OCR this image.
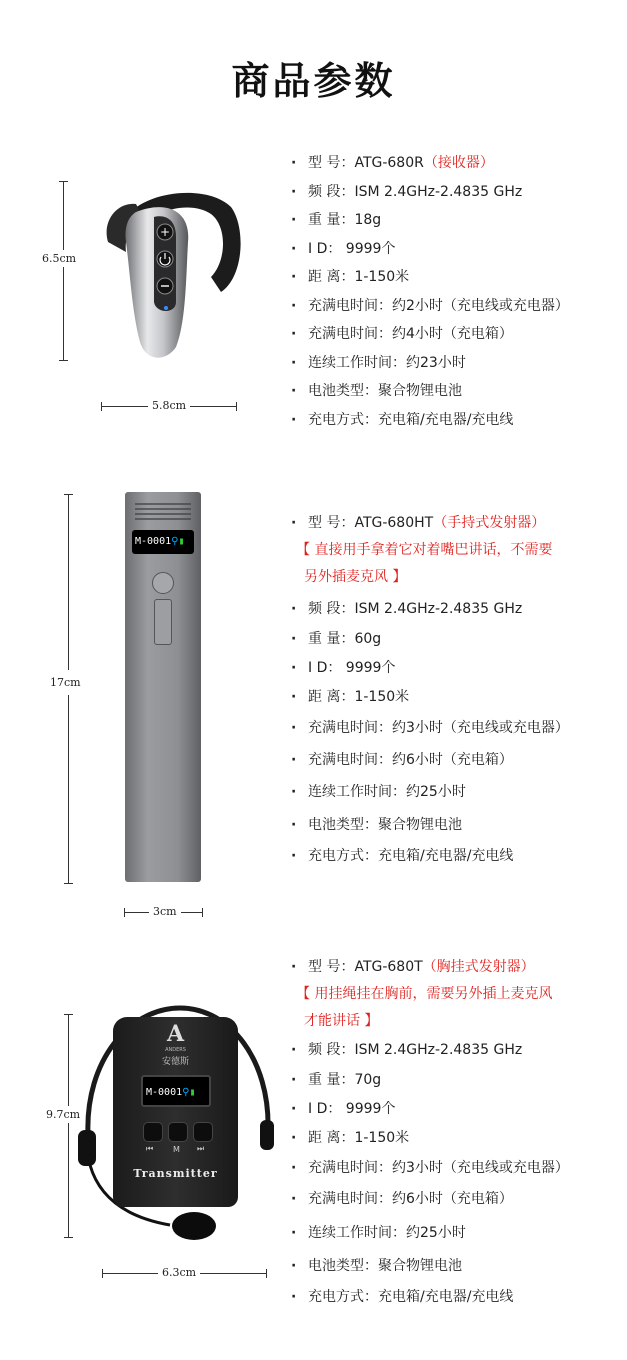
商品参数
6.5cm
5.8cm
+
· 型 号：ATG-680R（接收器）
· 频 段：ISM 2.4GHz-2.4835 GHz
· 重 量：18g
· I D： 9999个
· 距 离：1-150米
· 充满电时间：约2小时（充电线或充电器）
· 充满电时间：约4小时（充电箱）
· 连续工作时间：约23小时
· 电池类型：聚合物锂电池
· 充电方式：充电箱/充电器/充电线
17cm
3cm
M-0001⚲▮
· 型 号：ATG-680HT（手持式发射器）
【 直接用手拿着它对着嘴巴讲话，不需要
另外插麦克风 】
· 频 段：ISM 2.4GHz-2.4835 GHz
· 重 量：60g
· I D： 9999个
· 距 离：1-150米
· 充满电时间：约3小时（充电线或充电器）
· 充满电时间：约6小时（充电箱）
· 连续工作时间：约25小时
· 电池类型：聚合物锂电池
· 充电方式：充电箱/充电器/充电线
9.7cm
6.3cm
A
ANDERS
安德斯
M-0001⚲▮
⏮ M ⏭
Transmitter
· 型 号：ATG-680T（胸挂式发射器）
【 用挂绳挂在胸前，需要另外插上麦克风
才能讲话 】
· 频 段：ISM 2.4GHz-2.4835 GHz
· 重 量：70g
· I D： 9999个
· 距 离：1-150米
· 充满电时间：约3小时（充电线或充电器）
· 充满电时间：约6小时（充电箱）
· 连续工作时间：约25小时
· 电池类型：聚合物锂电池
· 充电方式：充电箱/充电器/充电线
